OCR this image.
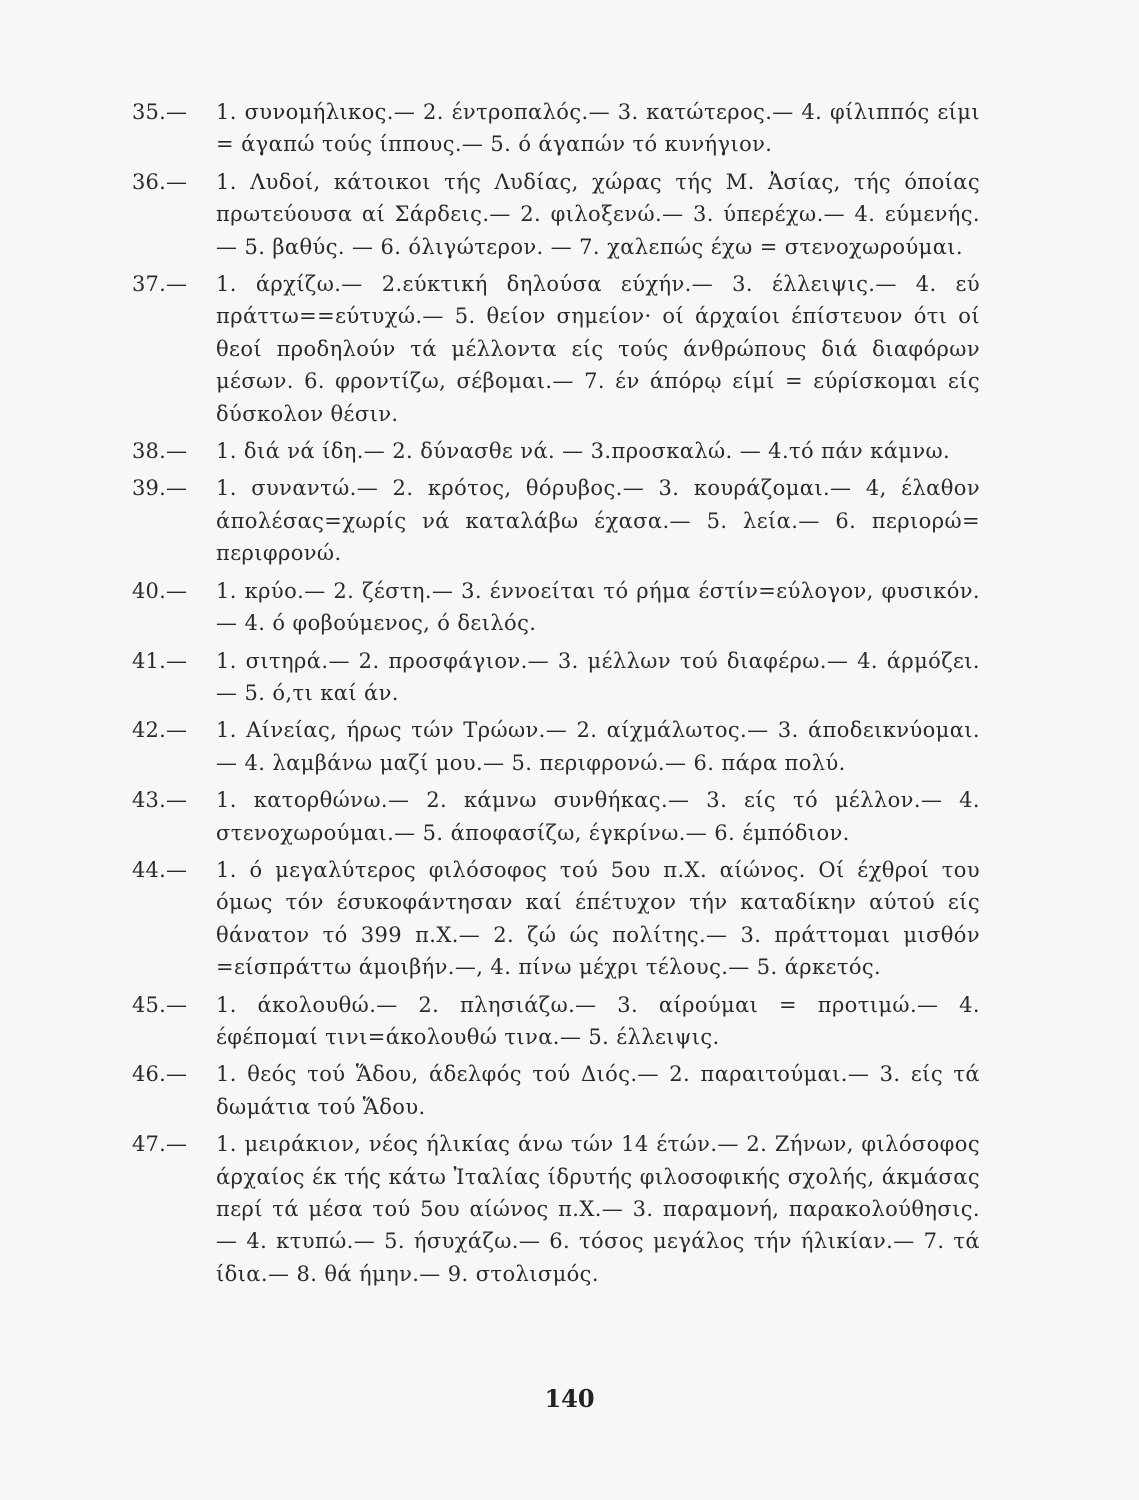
35.—	1. συνομήλικος.— 2. έντροπαλός.— 3. κατώτερος.— 4. φίλιππός είμι = άγαπώ τούς ίππους.— 5. ό άγαπών τό κυνήγιον.

36.—	1. Λυδοί, κάτοικοι τής Λυδίας, χώρας τής Μ. Ἀσίας, τής όποίας πρωτεύουσα αί Σάρδεις.— 2. φιλοξενώ.— 3. ύπερέχω.— 4. εύμενής. — 5. βαθύς. — 6. όλιγώτερον. — 7. χαλεπώς έχω = στενοχωρούμαι.

37.—	1. άρχίζω.— 2.εύκτική δηλούσα εύχήν.— 3. έλλειψις.— 4. εύ πράττω==εύτυχώ.— 5. θείον σημείον· οί άρχαίοι έπίστευον ότι οί θεοί προδηλούν τά μέλλοντα είς τούς άνθρώπους διά διαφόρων μέσων. 6. φροντίζω, σέβομαι.— 7. έν άπόρῳ είμί = εύρίσκομαι είς δύσκολον θέσιν.

38.—	1. διά νά ίδη.— 2. δύνασθε νά. — 3.προσκαλώ. — 4.τό πάν κάμνω.

39.—	1. συναντώ.— 2. κρότος, θόρυβος.— 3. κουράζομαι.— 4, έλαθον άπολέσας=χωρίς νά καταλάβω έχασα.— 5. λεία.— 6. περιορώ= περιφρονώ.

40.—	1. κρύο.— 2. ζέστη.— 3. έννοείται τό ρήμα έστίν=εύλογον, φυσικόν.— 4. ό φοβούμενος, ό δειλός.

41.—	1. σιτηρά.— 2. προσφάγιον.— 3. μέλλων τού διαφέρω.— 4. άρμόζει.— 5. ό,τι καί άν.

42.—	1. Αίνείας, ήρως τών Τρώων.— 2. αίχμάλωτος.— 3. άποδεικνύομαι.— 4. λαμβάνω μαζί μου.— 5. περιφρονώ.— 6. πάρα πολύ.

43.—	1. κατορθώνω.— 2. κάμνω συνθήκας.— 3. είς τό μέλλον.— 4. στενοχωρούμαι.— 5. άποφασίζω, έγκρίνω.— 6. έμπόδιον.

44.—	1. ό μεγαλύτερος φιλόσοφος τού 5ου π.Χ. αίώνος. Οί έχθροί του όμως τόν έσυκοφάντησαν καί έπέτυχον τήν καταδίκην αύτού είς θάνατον τό 399 π.Χ.— 2. ζώ ώς πολίτης.— 3. πράττομαι μισθόν =είσπράττω άμοιβήν.—, 4. πίνω μέχρι τέλους.— 5. άρκετός.

45.—	1. άκολουθώ.— 2. πλησιάζω.— 3. αίρούμαι = προτιμώ.— 4. έφέπομαί τινι=άκολουθώ τινα.— 5. έλλειψις.

46.—	1. θεός τού Ἅδου, άδελφός τού Διός.— 2. παραιτούμαι.— 3. είς τά δωμάτια τού Ἅδου.

47.—	1. μειράκιον, νέος ήλικίας άνω τών 14 έτών.— 2. Ζήνων, φιλόσοφος άρχαίος έκ τής κάτω Ἰταλίας ίδρυτής φιλοσοφικής σχολής, άκμάσας περί τά μέσα τού 5ου αίώνος π.Χ.— 3. παραμονή, παρακολούθησις.— 4. κτυπώ.— 5. ήσυχάζω.— 6. τόσος μεγάλος τήν ήλικίαν.— 7. τά ίδια.— 8. θά ήμην.— 9. στολισμός.

140
